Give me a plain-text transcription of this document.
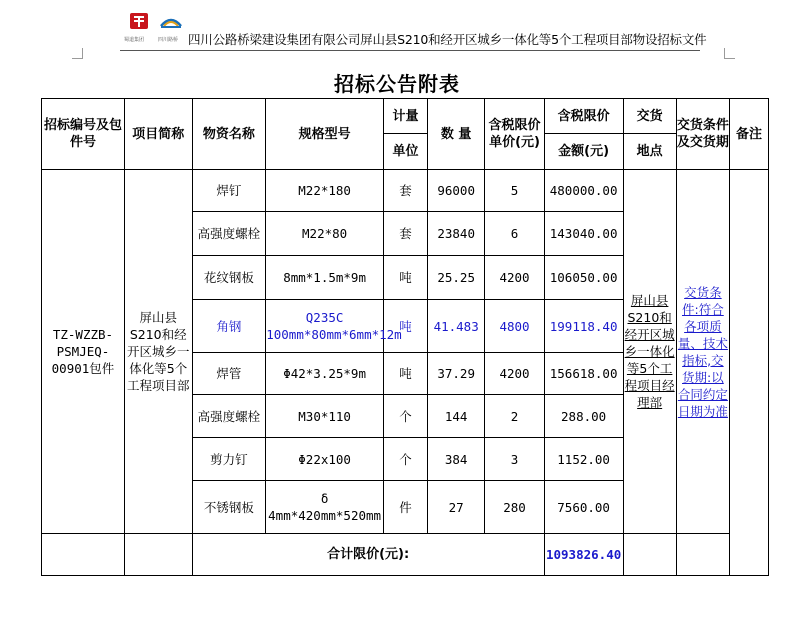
蜀道集团	四川路桥 四川公路桥梁建设集团有限公司屏山县S210和经开区城乡一体化等5个工程项目部物设招标文件
招标公告附表
招标编号及包件号	项目简称	物资名称	规格型号	计量	数 量	含税限价单价(元)	含税限价	交货	交货条件及交货期	备注
				单位			金额(元)	地点		
TZ-WZZB-PSMJEQ-00901包件	屏山县S210和经开区城乡一体化等5个工程项目部	焊钉	M22*180	套	96000	5	480000.00	屏山县S210和经开区城乡一体化等5个工程项目经理部	交货条件:符合各项质量、技术指标,交货期:以合同约定日期为准	
		高强度螺栓	M22*80	套	23840	6	143040.00			
		花纹钢板	8mm*1.5m*9m	吨	25.25	4200	106050.00			
		角钢	Q235C 100mm*80mm*6mm*12m	吨	41.483	4800	199118.40			
		焊管	Φ42*3.25*9m	吨	37.29	4200	156618.00			
		高强度螺栓	M30*110	个	144	2	288.00			
		剪力钉	Φ22x100	个	384	3	1152.00			
		不锈钢板	δ 4mm*420mm*520mm	件	27	280	7560.00			
		合计限价(元):					1093826.40			
